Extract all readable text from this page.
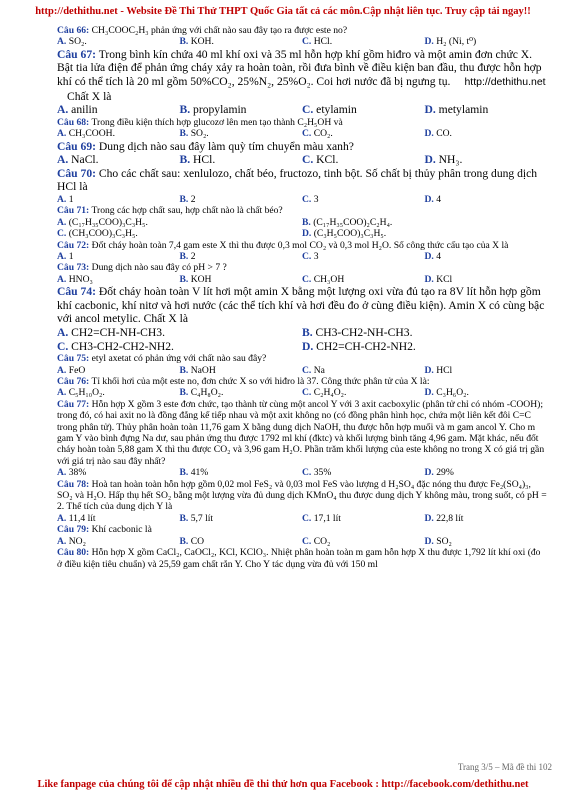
http://dethithu.net - Website Đề Thi Thử THPT Quốc Gia tất cả các môn.Cập nhật liên tục. Truy cập tải ngay!!

Câu 66: CH₃COOC₂H₃ phản ứng với chất nào sau đây tạo ra được este no?

A. SO₂.	B. KOH.	C. HCl.	D. H₂ (Ni, t⁰)

Câu 67: Trong bình kín chứa 40 ml khí oxi và 35 ml hỗn hợp khí gồm hiđro và một amin đơn chức X. Bật tia lửa điện để phản ứng cháy xảy ra hoàn toàn, rồi đưa bình về điều kiện ban đầu, thu được hỗn hợp khí có thể tích là 20 ml gồm 50%CO₂, 25%N₂, 25%O₂. Coi hơi nước đã bị ngưng tụ. http://dethithu.net

Chất X là

A. anilin	B. propylamin	C. etylamin	D. metylamin

Câu 68: Trong điều kiện thích hợp glucozơ lên men tạo thành C₂H₅OH và

A. CH₃COOH.	B. SO₂.	C. CO₂.	D. CO.

Câu 69: Dung dịch nào sau đây làm quỳ tím chuyển màu xanh?

A. NaCl.	B. HCl.	C. KCl.	D. NH₃.

Câu 70: Cho các chất sau: xenlulozo, chất béo, fructozo, tinh bột. Số chất bị thủy phân trong dung dịch HCl là

A. 1	B. 2	C. 3	D. 4

Câu 71: Trong các hợp chất sau, hợp chất nào là chất béo?

A. (C₁₇H₃₅COO)₃C₃H₅.	B. (C₁₇H₃₅COO)₂C₂H₄.
C. (CH₃COO)₃C₃H₅.	D. (C₃H₅COO)₃C₃H₅.

Câu 72: Đốt cháy hoàn toàn 7,4 gam este X thì thu được 0,3 mol CO₂ và 0,3 mol H₂O. Số công thức cấu tạo của X là

A. 1	B. 2	C. 3	D. 4

Câu 73: Dung dịch nào sau đây có pH > 7 ?

A. HNO₃	B. KOH	C. CH₃OH	D. KCl

Câu 74: Đốt cháy hoàn toàn V lít hơi một amin X bằng một lượng oxi vừa đủ tạo ra 8V lít hỗn hợp gồm khí cacbonic, khí nitơ và hơi nước (các thể tích khí và hơi đều đo ở cùng điều kiện). Amin X có cùng bậc với ancol metylic. Chất X là

A. CH2=CH-NH-CH3.	B. CH3-CH2-NH-CH3.
C. CH3-CH2-CH2-NH2.	D. CH2=CH-CH2-NH2.

Câu 75: etyl axetat có phản ứng với chất nào sau đây?

A. FeO	B. NaOH	C. Na	D. HCl

Câu 76: Tỉ khối hơi của một este no, đơn chức X so với hiđro là 37. Công thức phân tử của X là:

A. C₅H₁₀O₂.	B. C₄H₈O₂.	C. C₂H₄O₂.	D. C₃H₆O₂.

Câu 77: Hỗn hợp X gồm 3 este đơn chức, tạo thành từ cùng một ancol Y với 3 axit cacboxylic (phân tử chỉ có nhóm -COOH); trong đó, có hai axit no là đồng đẳng kế tiếp nhau và một axit không no (có đồng phân hình học, chứa một liên kết đôi C=C trong phân tử). Thủy phân hoàn toàn 11,76 gam X bằng dung dịch NaOH, thu được hỗn hợp muối và m gam ancol Y. Cho m gam Y vào bình đựng Na dư, sau phản ứng thu được 1792 ml khí (đktc) và khối lượng bình tăng 4,96 gam. Mặt khác, nếu đốt cháy hoàn toàn 5,88 gam X thì thu được CO₂ và 3,96 gam H₂O. Phần trăm khối lượng của este không no trong X có giá trị gần với giá trị nào sau đây nhất?

A. 38%	B. 41%	C. 35%	D. 29%

Câu 78: Hoà tan hoàn toàn hỗn hợp gồm 0,02 mol FeS₂ và 0,03 mol FeS vào lượng d H₂SO₄ đặc nóng thu được Fe₂(SO₄)₃, SO₂ và H₂O. Hấp thụ hết SO₂ bằng một lượng vừa đủ dung dịch KMnO₄ thu được dung dịch Y không màu, trong suốt, có pH = 2. Thể tích của dung dịch Y là

A. 11,4 lít	B. 5,7 lít	C. 17,1 lít	D. 22,8 lít

Câu 79: Khí cacbonic là

A. NO₂	B. CO	C. CO₂	D. SO₂

Câu 80: Hỗn hợp X gồm CaCl₂, CaOCl₂, KCl, KClO₃. Nhiệt phân hoàn toàn m gam hỗn hợp X thu được 1,792 lít khí oxi (đo ở điều kiện tiêu chuẩn) và 25,59 gam chất rắn Y. Cho Y tác dụng vừa đủ với 150 ml

Trang 3/5 – Mã đề thi 102
Like fanpage của chúng tôi để cập nhật nhiều đề thi thử hơn qua Facebook : http://facebook.com/dethithu.net
